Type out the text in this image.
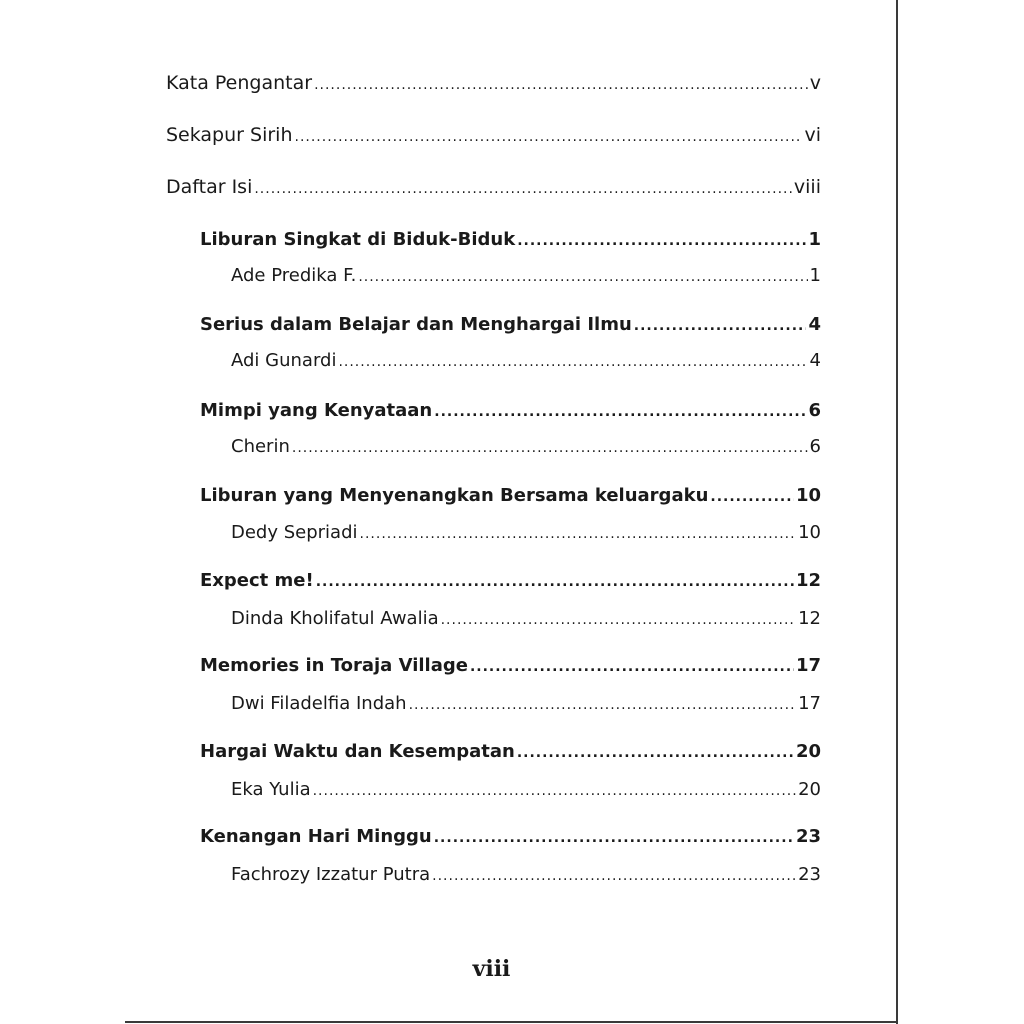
Kata Pengantar .....	v
Sekapur Sirih .....	vi
Daftar Isi .....	viii
Liburan Singkat di Biduk-Biduk .....	1
Ade Predika F. .....	1
Serius dalam Belajar dan Menghargai Ilmu .....	4
Adi Gunardi .....	4
Mimpi yang Kenyataan .....	6
Cherin .....	6
Liburan yang Menyenangkan Bersama keluargaku .....	10
Dedy Sepriadi .....	10
Expect me! .....	12
Dinda Kholifatul Awalia .....	12
Memories in Toraja Village .....	17
Dwi Filadelfia Indah .....	17
Hargai Waktu dan Kesempatan .....	20
Eka Yulia .....	20
Kenangan Hari Minggu .....	23
Fachrozy Izzatur Putra .....	23
viii
